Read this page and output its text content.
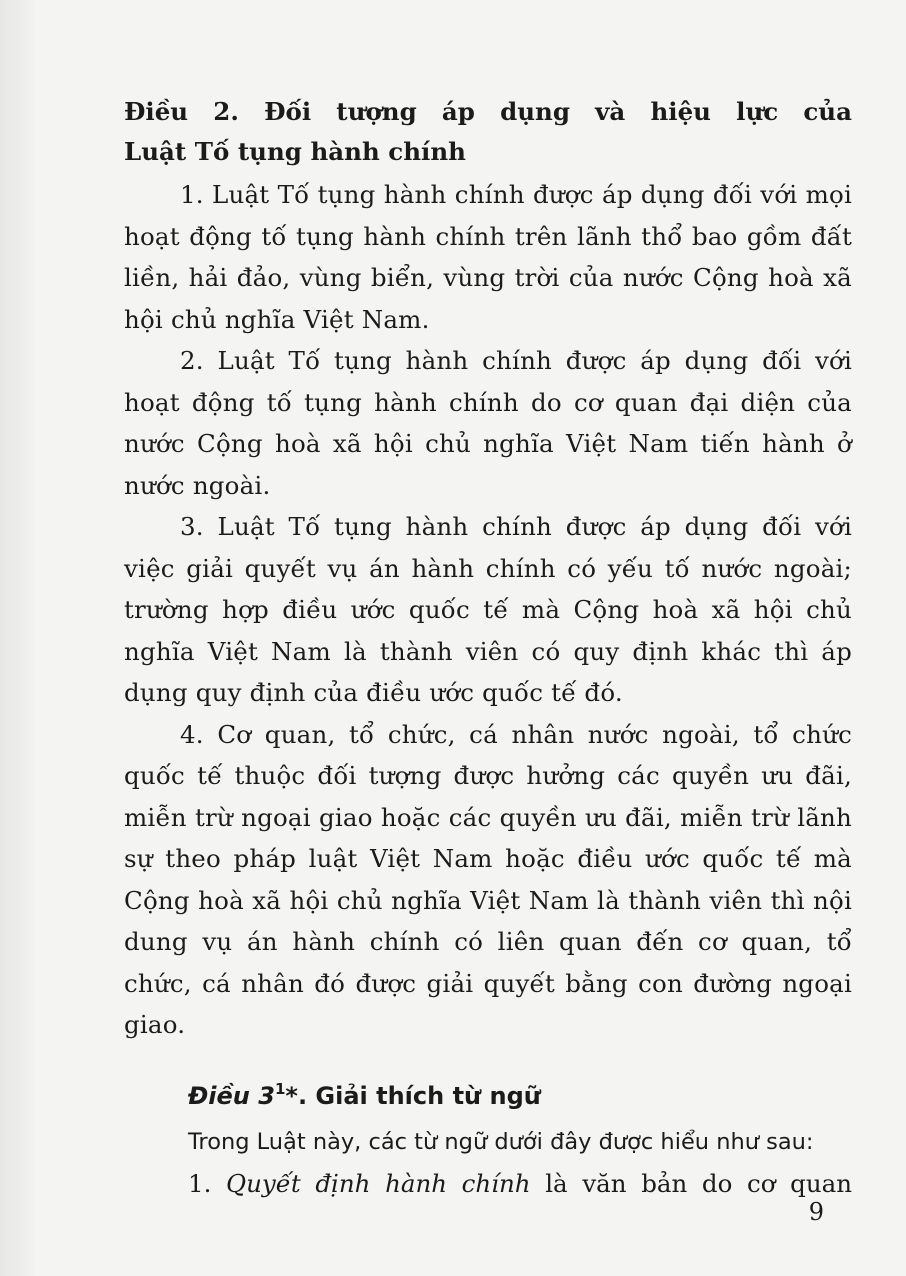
Điều 2. Đối tượng áp dụng và hiệu lực của
Luật Tố tụng hành chính

1. Luật Tố tụng hành chính được áp dụng đối với mọi hoạt động tố tụng hành chính trên lãnh thổ bao gồm đất liền, hải đảo, vùng biển, vùng trời của nước Cộng hoà xã hội chủ nghĩa Việt Nam.

2. Luật Tố tụng hành chính được áp dụng đối với hoạt động tố tụng hành chính do cơ quan đại diện của nước Cộng hoà xã hội chủ nghĩa Việt Nam tiến hành ở nước ngoài.

3. Luật Tố tụng hành chính được áp dụng đối với việc giải quyết vụ án hành chính có yếu tố nước ngoài; trường hợp điều ước quốc tế mà Cộng hoà xã hội chủ nghĩa Việt Nam là thành viên có quy định khác thì áp dụng quy định của điều ước quốc tế đó.

4. Cơ quan, tổ chức, cá nhân nước ngoài, tổ chức quốc tế thuộc đối tượng được hưởng các quyền ưu đãi, miễn trừ ngoại giao hoặc các quyền ưu đãi, miễn trừ lãnh sự theo pháp luật Việt Nam hoặc điều ước quốc tế mà Cộng hoà xã hội chủ nghĩa Việt Nam là thành viên thì nội dung vụ án hành chính có liên quan đến cơ quan, tổ chức, cá nhân đó được giải quyết bằng con đường ngoại giao.

Điều $3^1*$. Giải thích từ ngữ
Trong Luật này, các từ ngữ dưới đây được hiểu như sau:

1. Quyết định hành chính là văn bản do cơ quan

9
